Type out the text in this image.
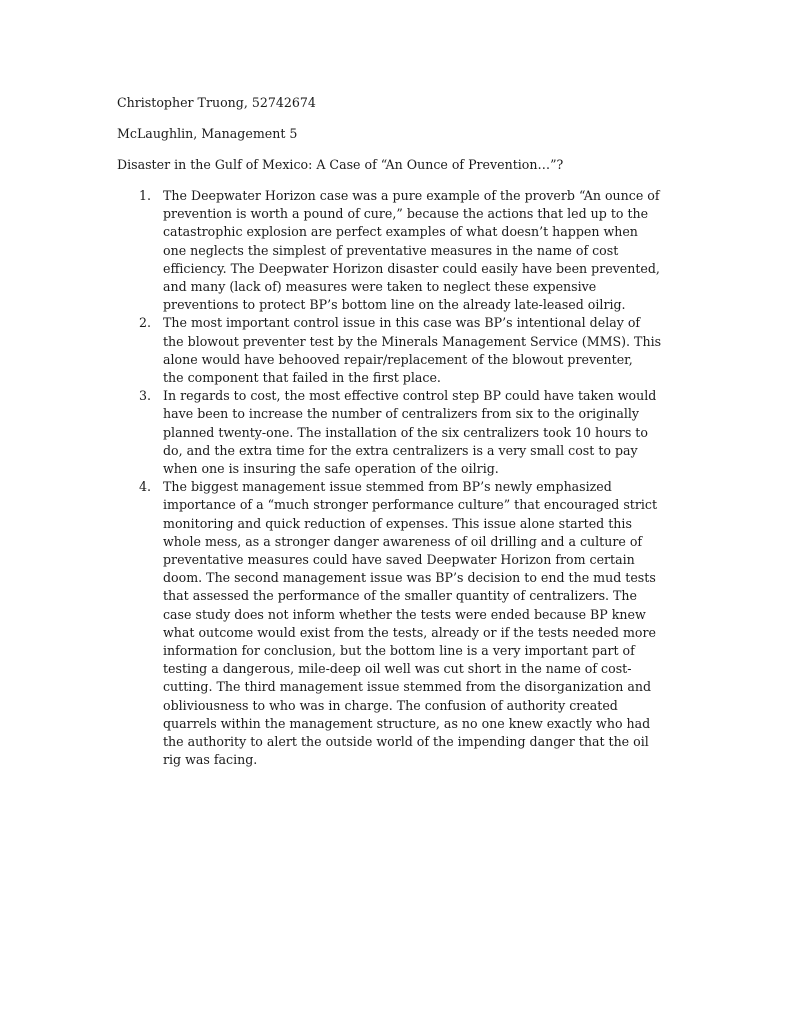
Christopher Truong, 52742674
McLaughlin, Management 5
Disaster in the Gulf of Mexico: A Case of “An Ounce of Prevention…”?
1. The Deepwater Horizon case was a pure example of the proverb “An ounce of
prevention is worth a pound of cure,” because the actions that led up to the
catastrophic explosion are perfect examples of what doesn’t happen when
one neglects the simplest of preventative measures in the name of cost
efficiency. The Deepwater Horizon disaster could easily have been prevented,
and many (lack of) measures were taken to neglect these expensive
preventions to protect BP’s bottom line on the already late-leased oilrig.
2. The most important control issue in this case was BP’s intentional delay of
the blowout preventer test by the Minerals Management Service (MMS). This
alone would have behooved repair/replacement of the blowout preventer,
the component that failed in the first place.
3. In regards to cost, the most effective control step BP could have taken would
have been to increase the number of centralizers from six to the originally
planned twenty-one. The installation of the six centralizers took 10 hours to
do, and the extra time for the extra centralizers is a very small cost to pay
when one is insuring the safe operation of the oilrig.
4. The biggest management issue stemmed from BP’s newly emphasized
importance of a “much stronger performance culture” that encouraged strict
monitoring and quick reduction of expenses. This issue alone started this
whole mess, as a stronger danger awareness of oil drilling and a culture of
preventative measures could have saved Deepwater Horizon from certain
doom. The second management issue was BP’s decision to end the mud tests
that assessed the performance of the smaller quantity of centralizers. The
case study does not inform whether the tests were ended because BP knew
what outcome would exist from the tests, already or if the tests needed more
information for conclusion, but the bottom line is a very important part of
testing a dangerous, mile-deep oil well was cut short in the name of cost-
cutting. The third management issue stemmed from the disorganization and
obliviousness to who was in charge. The confusion of authority created
quarrels within the management structure, as no one knew exactly who had
the authority to alert the outside world of the impending danger that the oil
rig was facing.
